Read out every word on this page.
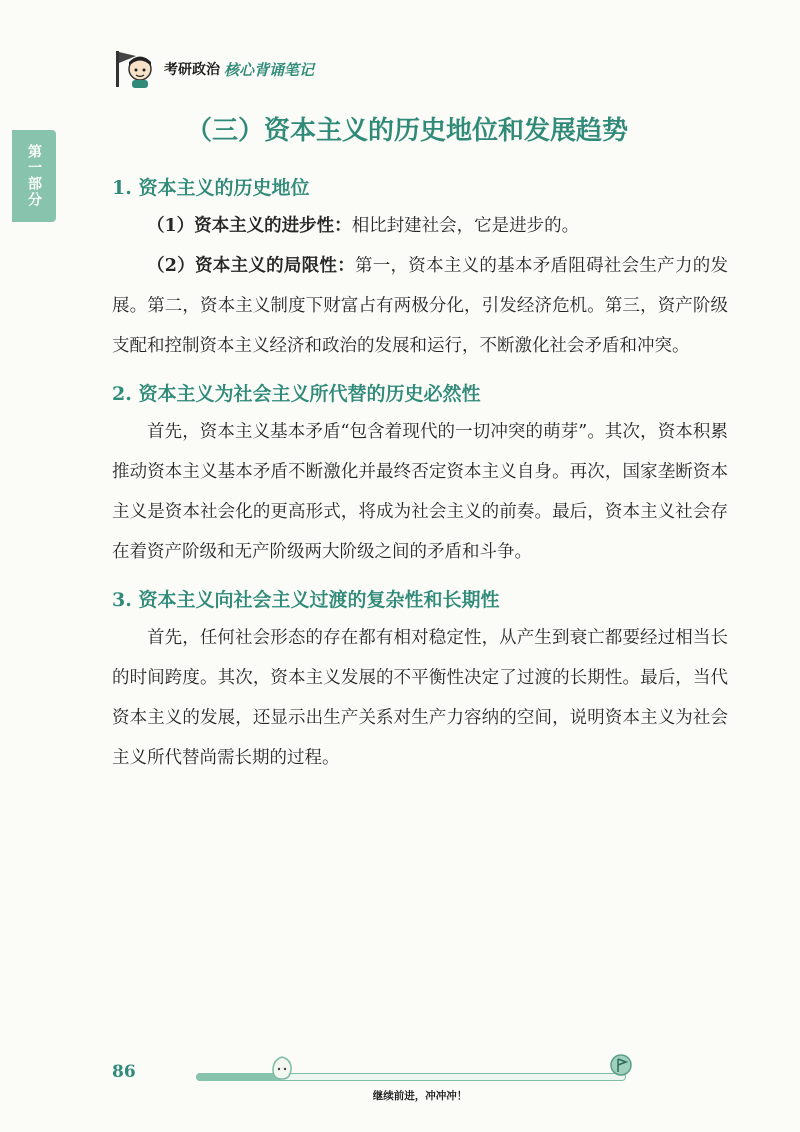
考研政治 核心背诵笔记
第一部分
（三）资本主义的历史地位和发展趋势
1. 资本主义的历史地位

（1）资本主义的进步性：相比封建社会，它是进步的。

（2）资本主义的局限性：第一，资本主义的基本矛盾阻碍社会生产力的发展。第二，资本主义制度下财富占有两极分化，引发经济危机。第三，资产阶级支配和控制资本主义经济和政治的发展和运行，不断激化社会矛盾和冲突。

2. 资本主义为社会主义所代替的历史必然性

首先，资本主义基本矛盾“包含着现代的一切冲突的萌芽”。其次，资本积累推动资本主义基本矛盾不断激化并最终否定资本主义自身。再次，国家垄断资本主义是资本社会化的更高形式，将成为社会主义的前奏。最后，资本主义社会存在着资产阶级和无产阶级两大阶级之间的矛盾和斗争。

3. 资本主义向社会主义过渡的复杂性和长期性

首先，任何社会形态的存在都有相对稳定性，从产生到衰亡都要经过相当长的时间跨度。其次，资本主义发展的不平衡性决定了过渡的长期性。最后，当代资本主义的发展，还显示出生产关系对生产力容纳的空间，说明资本主义为社会主义所代替尚需长期的过程。

86
继续前进，冲冲冲！
